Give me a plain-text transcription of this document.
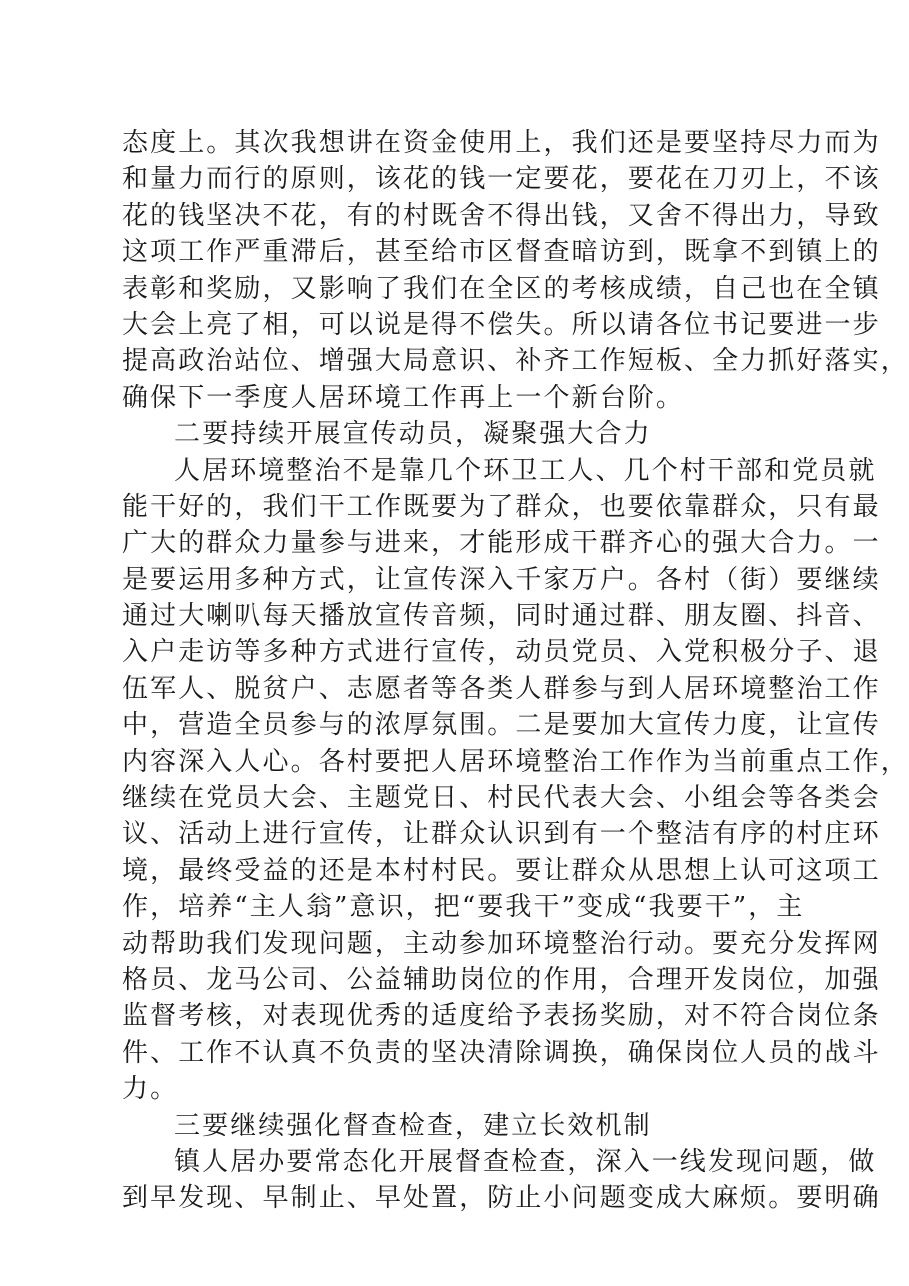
态度上。其次我想讲在资金使用上，我们还是要坚持尽力而为
和量力而行的原则，该花的钱一定要花，要花在刀刃上，不该
花的钱坚决不花，有的村既舍不得出钱，又舍不得出力，导致
这项工作严重滞后，甚至给市区督查暗访到，既拿不到镇上的
表彰和奖励，又影响了我们在全区的考核成绩，自己也在全镇
大会上亮了相，可以说是得不偿失。所以请各位书记要进一步
提高政治站位、增强大局意识、补齐工作短板、全力抓好落实，
确保下一季度人居环境工作再上一个新台阶。
二要持续开展宣传动员，凝聚强大合力
人居环境整治不是靠几个环卫工人、几个村干部和党员就
能干好的，我们干工作既要为了群众，也要依靠群众，只有最
广大的群众力量参与进来，才能形成干群齐心的强大合力。一
是要运用多种方式，让宣传深入千家万户。各村（街）要继续
通过大喇叭每天播放宣传音频，同时通过群、朋友圈、抖音、
入户走访等多种方式进行宣传，动员党员、入党积极分子、退
伍军人、脱贫户、志愿者等各类人群参与到人居环境整治工作
中，营造全员参与的浓厚氛围。二是要加大宣传力度，让宣传
内容深入人心。各村要把人居环境整治工作作为当前重点工作，
继续在党员大会、主题党日、村民代表大会、小组会等各类会
议、活动上进行宣传，让群众认识到有一个整洁有序的村庄环
境，最终受益的还是本村村民。要让群众从思想上认可这项工
作，培养“主人翁”意识，把“要我干”变成“我要干”，主
动帮助我们发现问题，主动参加环境整治行动。要充分发挥网
格员、龙马公司、公益辅助岗位的作用，合理开发岗位，加强
监督考核，对表现优秀的适度给予表扬奖励，对不符合岗位条
件、工作不认真不负责的坚决清除调换，确保岗位人员的战斗
力。
三要继续强化督查检查，建立长效机制
镇人居办要常态化开展督查检查，深入一线发现问题，做
到早发现、早制止、早处置，防止小问题变成大麻烦。要明确
